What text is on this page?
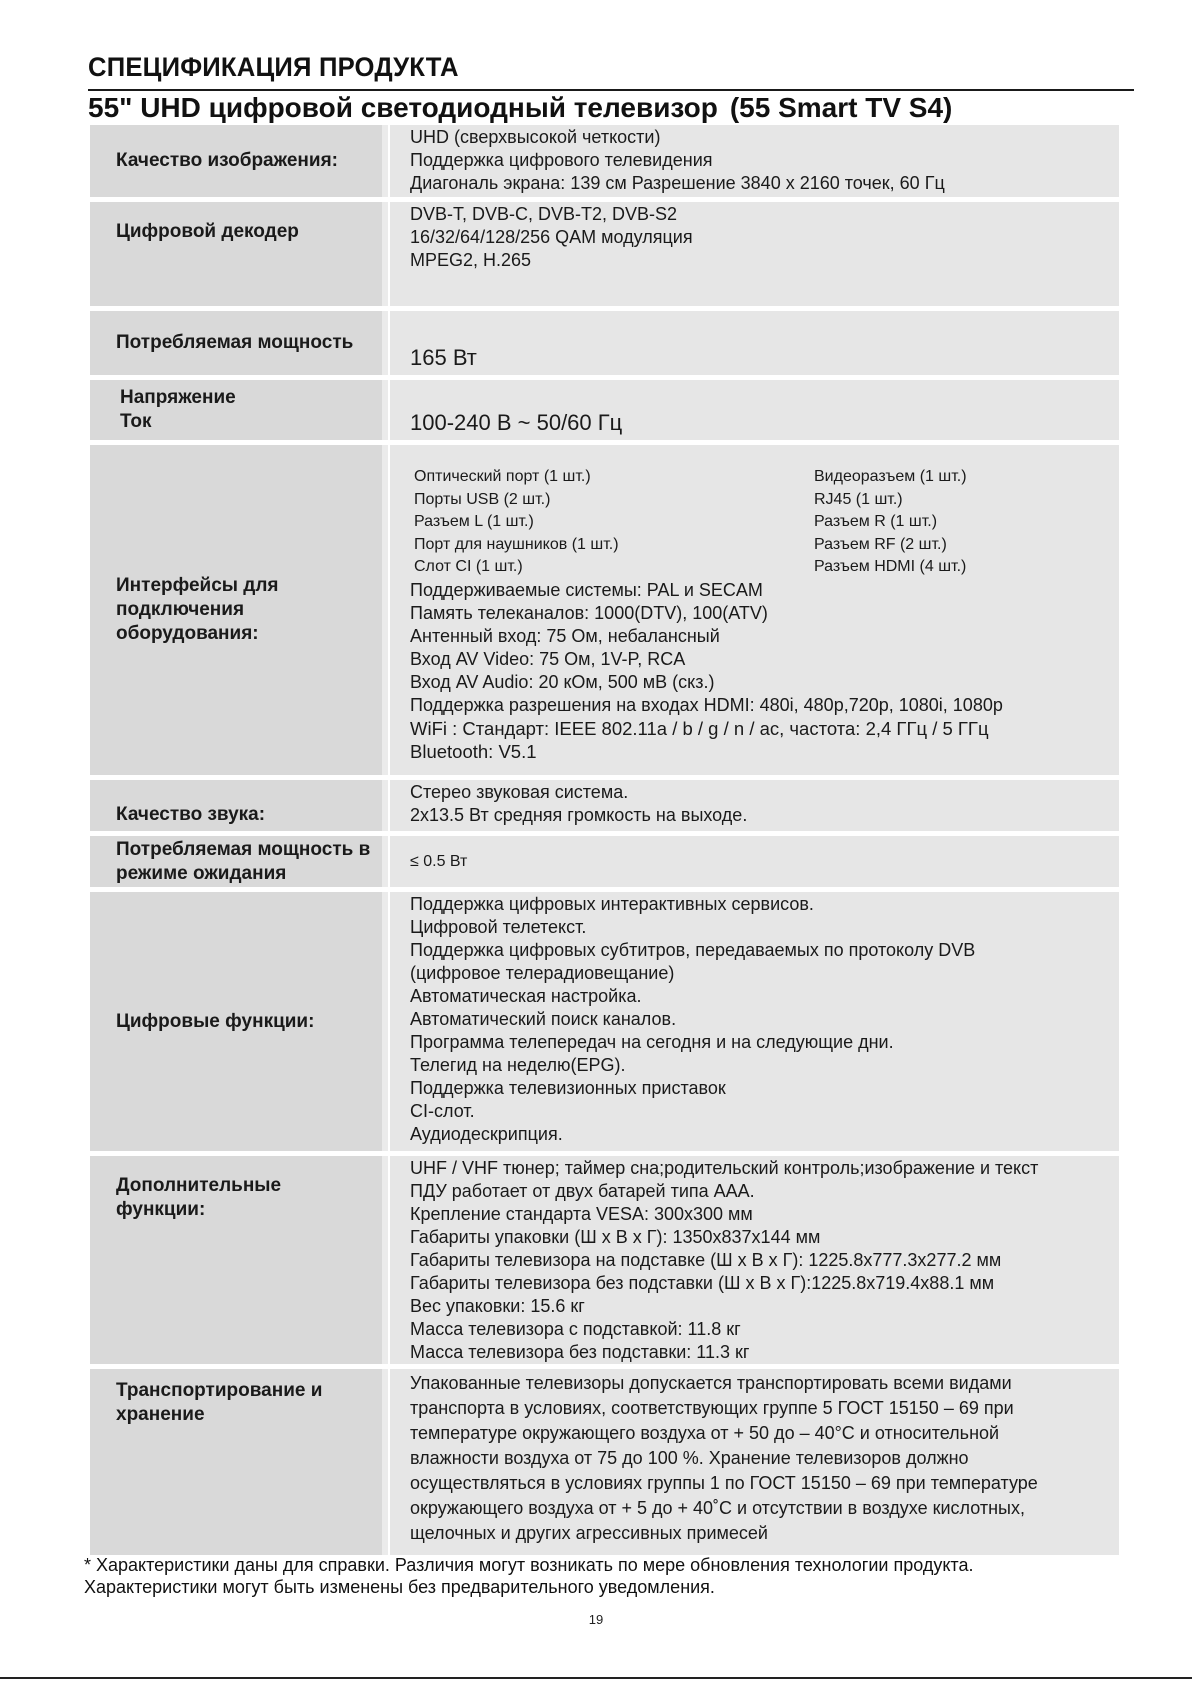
СПЕЦИФИКАЦИЯ ПРОДУКТА
55" UHD цифровой светодиодный телевизор (55 Smart TV S4)
Качество изображения:
UHD (сверхвысокой четкости)
Поддержка цифрового телевидения
Диагональ экрана: 139 см Разрешение 3840 x 2160 точек, 60 Гц
Цифровой декодер
DVB-T, DVB-C, DVB-T2, DVB-S2
16/32/64/128/256 QAM модуляция
MPEG2, H.265
Потребляемая мощность
165 Вт
Напряжение
Ток	100-240 В ~ 50/60 Гц
Интерфейсы для подключения оборудования:
Оптический порт (1 шт.)
Порты USB (2 шт.)
Разъем L (1 шт.)
Порт для наушников (1 шт.)
Слот CI (1 шт.)
Видеоразъем (1 шт.)
RJ45 (1 шт.)
Разъем R (1 шт.)
Разъем RF (2 шт.)
Разъем HDMI (4 шт.)
Поддерживаемые системы: PAL и SECAM
Память телеканалов: 1000(DTV), 100(ATV)
Антенный вход: 75 Ом, небалансный
Вход AV Video: 75 Ом, 1V-P, RCA
Вход AV Audio: 20 кОм, 500 мВ (скз.)
Поддержка разрешения на входах HDMI: 480i, 480p,720p, 1080i, 1080p
WiFi : Стандарт: IEEE 802.11a / b / g / n / ac, частота: 2,4 ГГц / 5 ГГц
Bluetooth: V5.1
Качество звука:
Стерео звуковая система.
2x13.5 Вт средняя громкость на выходе.
Потребляемая мощность в режиме ожидания
≤ 0.5 Вт
Цифровые функции:
Поддержка цифровых интерактивных сервисов.
Цифровой телетекст.
Поддержка цифровых субтитров, передаваемых по протоколу DVB
(цифровое телерадиовещание)
Автоматическая настройка.
Автоматический поиск каналов.
Программа телепередач на сегодня и на следующие дни.
Телегид на неделю(EPG).
Поддержка телевизионных приставок
CI-слот.
Аудиодескрипция.
Дополнительные функции:
UHF / VHF тюнер; таймер сна;родительский контроль;изображение и текст
ПДУ работает от двух батарей типа AAA.
Крепление стандарта VESA: 300x300 мм
Габариты упаковки (Ш x В x Г): 1350x837x144 мм
Габариты телевизора на подставке (Ш x В x Г): 1225.8x777.3x277.2 мм
Габариты телевизора без подставки (Ш x В x Г):1225.8x719.4x88.1 мм
Вес упаковки: 15.6 кг
Масса телевизора с подставкой: 11.8 кг
Масса телевизора без подставки: 11.3 кг
Транспортирование и хранение
Упакованные телевизоры допускается транспортировать всеми видами
транспорта в условиях, соответствующих группе 5 ГОСТ 15150 – 69 при
температуре окружающего воздуха от + 50 до – 40°C и относительной
влажности воздуха от 75 до 100 %. Хранение телевизоров должно
осуществляться в условиях группы 1 по ГОСТ 15150 – 69 при температуре
окружающего воздуха от + 5 до + 40˚C и отсутствии в воздухе кислотных,
щелочных и других агрессивных примесей
* Характеристики даны для справки. Различия могут возникать по мере обновления технологии продукта.
Характеристики могут быть изменены без предварительного уведомления.
19
